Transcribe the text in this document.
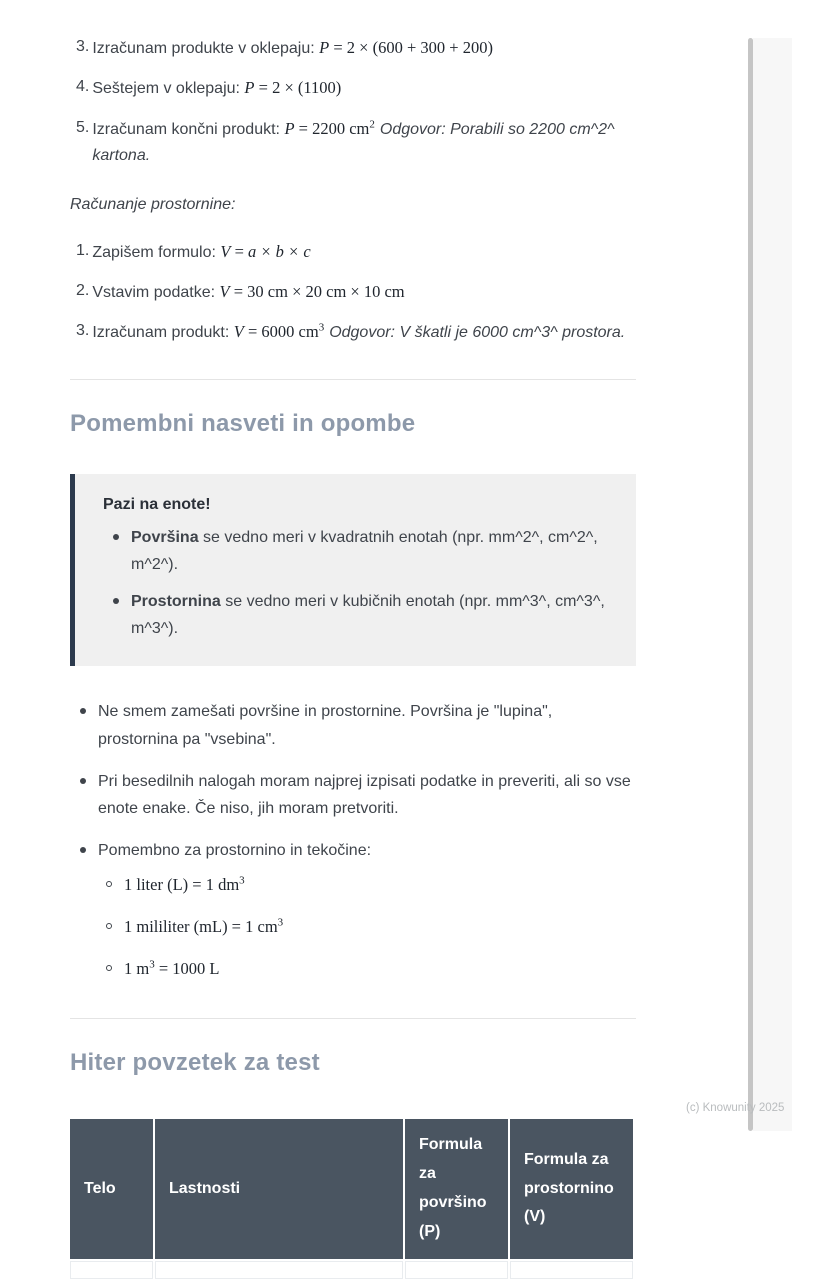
3. Izračunam produkte v oklepaju: P = 2 × (600 + 300 + 200)
4. Seštejem v oklepaju: P = 2 × (1100)
5. Izračunam končni produkt: P = 2200 $cm^2$ Odgovor: Porabili so 2200 cm^2^ kartona.
Računanje prostornine:
1. Zapišem formulo: V = a × b × c
2. Vstavim podatke: V = 30 cm × 20 cm × 10 cm
3. Izračunam produkt: V = 6000 $cm^3$ Odgovor: V škatli je 6000 cm^3^ prostora.
Pomembni nasveti in opombe
Pazi na enote!
Površina se vedno meri v kvadratnih enotah (npr. mm^2^, cm^2^, m^2^).
Prostornina se vedno meri v kubičnih enotah (npr. mm^3^, cm^3^, m^3^).
Ne smem zamešati površine in prostornine. Površina je "lupina", prostornina pa "vsebina".
Pri besedilnih nalogah moram najprej izpisati podatke in preveriti, ali so vse enote enake. Če niso, jih moram pretvoriti.
Pomembno za prostornino in tekočine:
1 liter (L) = 1 $dm^3$
1 mililiter (mL) = 1 $cm^3$
1 $m^3 = 1000$ L
Hiter povzetek za test
Telo	Lastnosti
Formula za površino (P)
Formula za prostornino (V)
(c) Knowunity 2025
